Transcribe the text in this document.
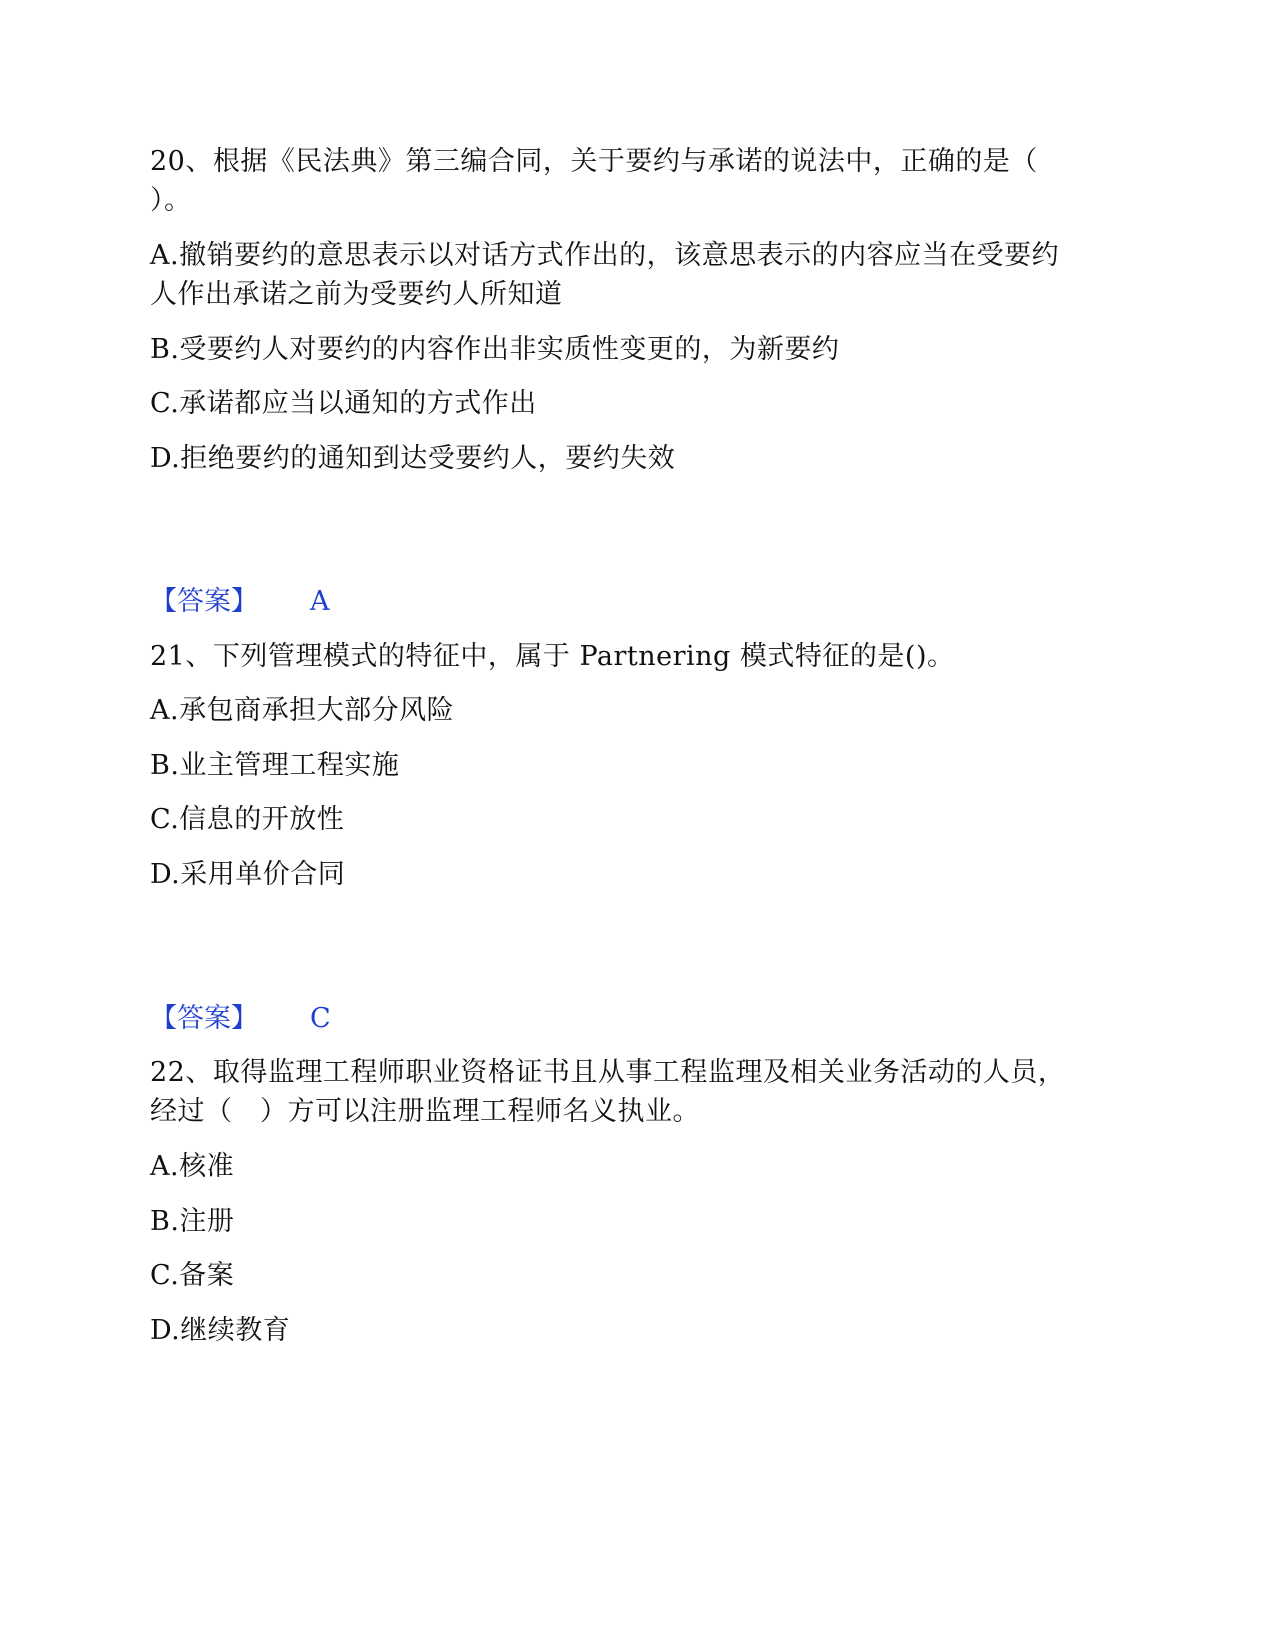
20、根据《民法典》第三编合同，关于要约与承诺的说法中，正确的是（
）。
A.撤销要约的意思表示以对话方式作出的，该意思表示的内容应当在受要约
人作出承诺之前为受要约人所知道
B.受要约人对要约的内容作出非实质性变更的，为新要约
C.承诺都应当以通知的方式作出
D.拒绝要约的通知到达受要约人，要约失效
【答案】 A
21、下列管理模式的特征中，属于 Partnering 模式特征的是()。
A.承包商承担大部分风险
B.业主管理工程实施
C.信息的开放性
D.采用单价合同
【答案】 C
22、取得监理工程师职业资格证书且从事工程监理及相关业务活动的人员，
经过（　）方可以注册监理工程师名义执业。
A.核准
B.注册
C.备案
D.继续教育
